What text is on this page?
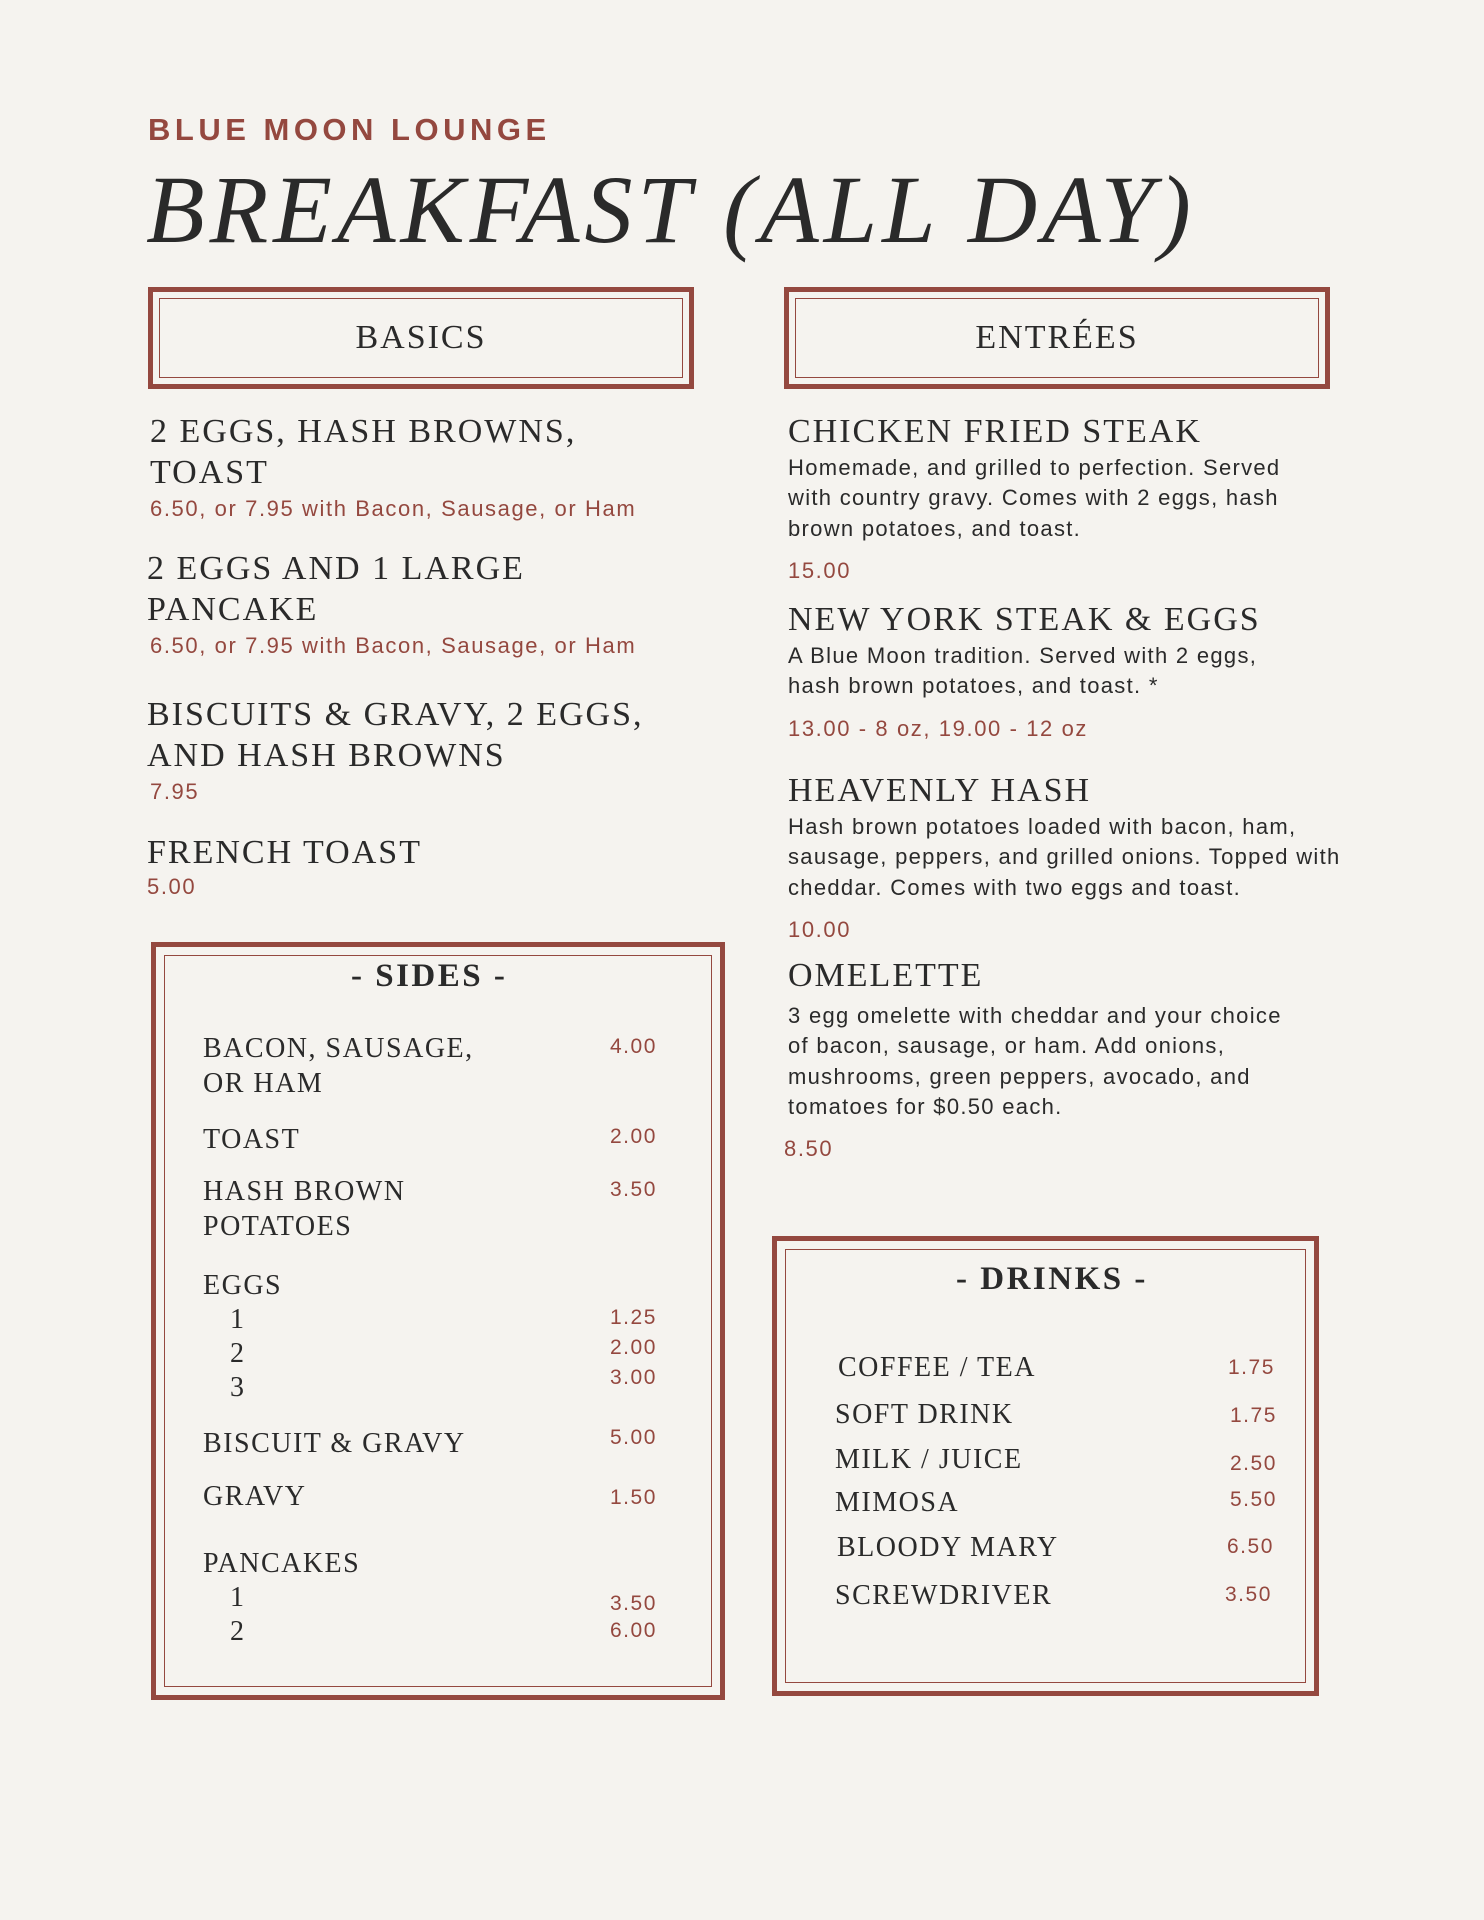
BLUE MOON LOUNGE
BREAKFAST (ALL DAY)
BASICS	ENTRÉES
2 EGGS, HASH BROWNS,
TOAST
6.50, or 7.95 with Bacon, Sausage, or Ham
2 EGGS AND 1 LARGE
PANCAKE
6.50, or 7.95 with Bacon, Sausage, or Ham
BISCUITS & GRAVY, 2 EGGS,
AND HASH BROWNS
7.95
FRENCH TOAST
5.00
CHICKEN FRIED STEAK
Homemade, and grilled to perfection. Served
with country gravy. Comes with 2 eggs, hash
brown potatoes, and toast.
15.00
NEW YORK STEAK & EGGS
A Blue Moon tradition. Served with 2 eggs,
hash brown potatoes, and toast. *
13.00 - 8 oz, 19.00 - 12 oz
HEAVENLY HASH
Hash brown potatoes loaded with bacon, ham,
sausage, peppers, and grilled onions. Topped with
cheddar. Comes with two eggs and toast.
10.00
OMELETTE
3 egg omelette with cheddar and your choice
of bacon, sausage, or ham. Add onions,
mushrooms, green peppers, avocado, and
tomatoes for $0.50 each.
8.50
- SIDES -
BACON, SAUSAGE,
OR HAM
4.00
TOAST	2.00
HASH BROWN
POTATOES
3.50
EGGS
1	1.25
2	2.00
3	3.00
BISCUIT & GRAVY	5.00
GRAVY	1.50
PANCAKES
1	3.50
2	6.00
- DRINKS -
COFFEE / TEA	1.75
SOFT DRINK	1.75
MILK / JUICE	2.50
MIMOSA	5.50
BLOODY MARY	6.50
SCREWDRIVER	3.50
